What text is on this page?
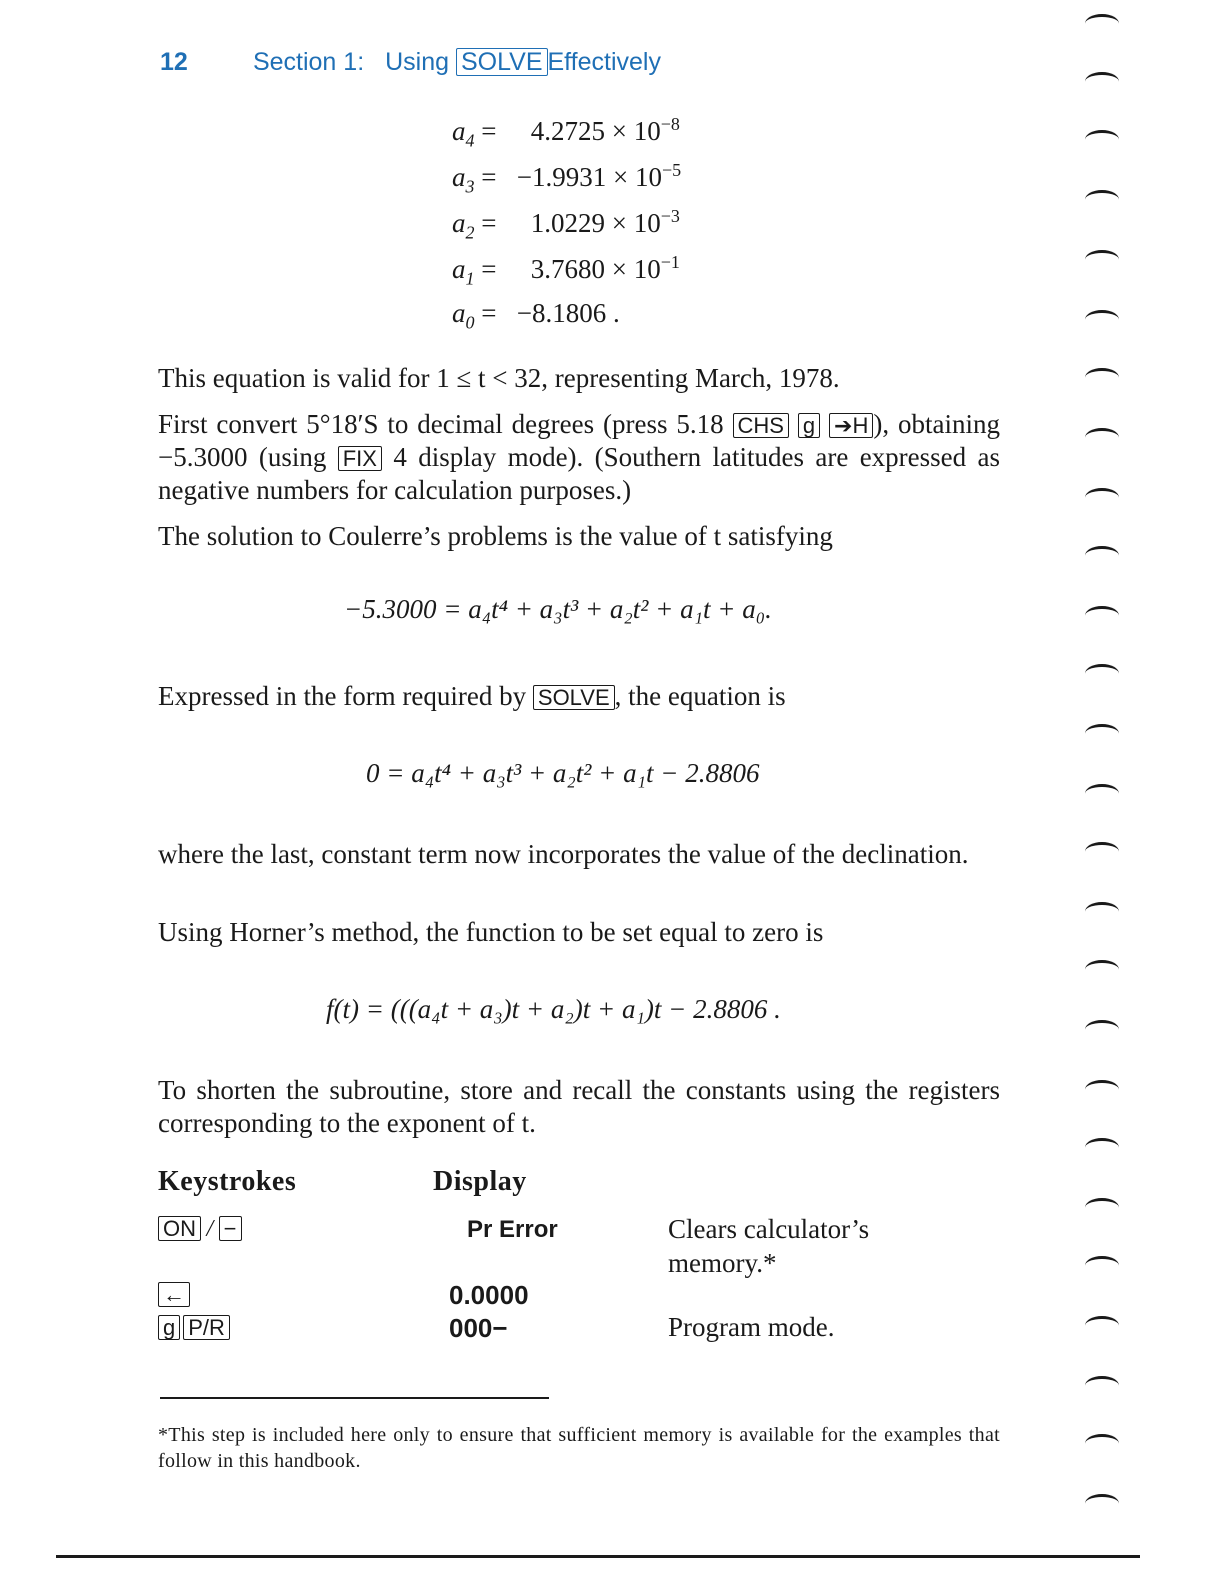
12	Section 1: Using SOLVE Effectively
$a_4 = 4.2725 \times 10^{-8}$
$a_3 = -1.9931 \times 10^{-5}$
$a_2 = 1.0229 \times 10^{-3}$
$a_1 = 3.7680 \times 10^{-1}$
$a_0 = -8.1806$ .
This equation is valid for 1 ≤ t < 32, representing March, 1978.
First convert 5°18′S to decimal degrees (press 5.18 CHS g ➔H ), obtaining −5.3000 (using FIX 4 display mode). (Southern latitudes are expressed as negative numbers for calculation purposes.)
The solution to Coulerre’s problems is the value of t satisfying
−5.3000 = a₄t⁴ + a₃t³ + a₂t² + a₁t + a₀.
Expressed in the form required by SOLVE , the equation is
0 = a₄t⁴ + a₃t³ + a₂t² + a₁t − 2.8806
where the last, constant term now incorporates the value of the declination.
Using Horner’s method, the function to be set equal to zero is
f(t) = (((a₄t + a₃)t + a₂)t + a₁)t − 2.8806 .
To shorten the subroutine, store and recall the constants using the registers corresponding to the exponent of t.
Keystrokes	Display
ON / −	Pr Error	Clears calculator’s memory.*
←	0.0000
g P/R	000−	Program mode.
*This step is included here only to ensure that sufficient memory is available for the examples that follow in this handbook.
